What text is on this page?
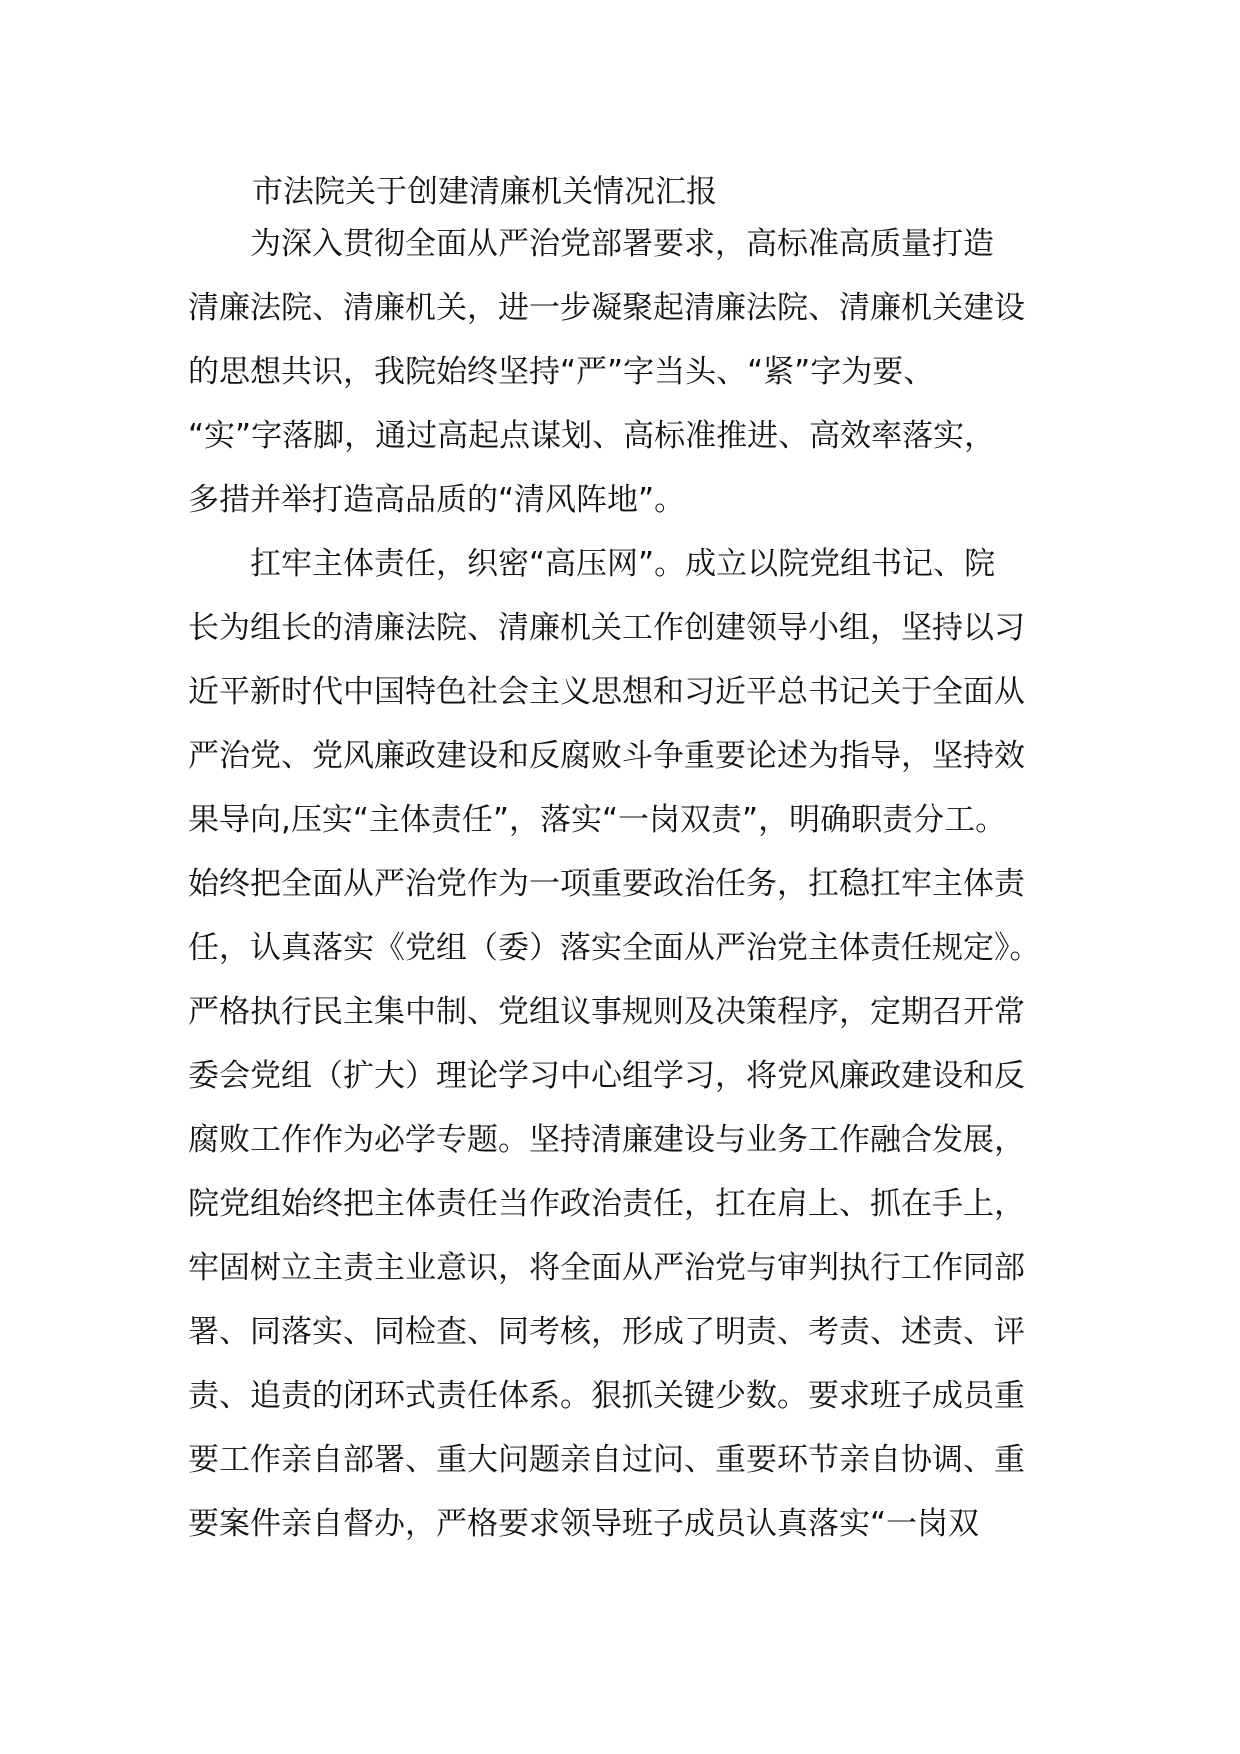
市法院关于创建清廉机关情况汇报
　　为深入贯彻全面从严治党部署要求，高标准高质量打造
清廉法院、清廉机关，进一步凝聚起清廉法院、清廉机关建设
的思想共识，我院始终坚持“严”字当头、“紧”字为要、
“实”字落脚，通过高起点谋划、高标准推进、高效率落实，
多措并举打造高品质的“清风阵地”。
　　扛牢主体责任，织密“高压网”。成立以院党组书记、院
长为组长的清廉法院、清廉机关工作创建领导小组，坚持以习
近平新时代中国特色社会主义思想和习近平总书记关于全面从
严治党、党风廉政建设和反腐败斗争重要论述为指导，坚持效
果导向,压实“主体责任”，落实“一岗双责”，明确职责分工。
始终把全面从严治党作为一项重要政治任务，扛稳扛牢主体责
任，认真落实《党组（委）落实全面从严治党主体责任规定》。
严格执行民主集中制、党组议事规则及决策程序，定期召开常
委会党组（扩大）理论学习中心组学习，将党风廉政建设和反
腐败工作作为必学专题。坚持清廉建设与业务工作融合发展，
院党组始终把主体责任当作政治责任，扛在肩上、抓在手上，
牢固树立主责主业意识，将全面从严治党与审判执行工作同部
署、同落实、同检查、同考核，形成了明责、考责、述责、评
责、追责的闭环式责任体系。狠抓关键少数。要求班子成员重
要工作亲自部署、重大问题亲自过问、重要环节亲自协调、重
要案件亲自督办，严格要求领导班子成员认真落实“一岗双
